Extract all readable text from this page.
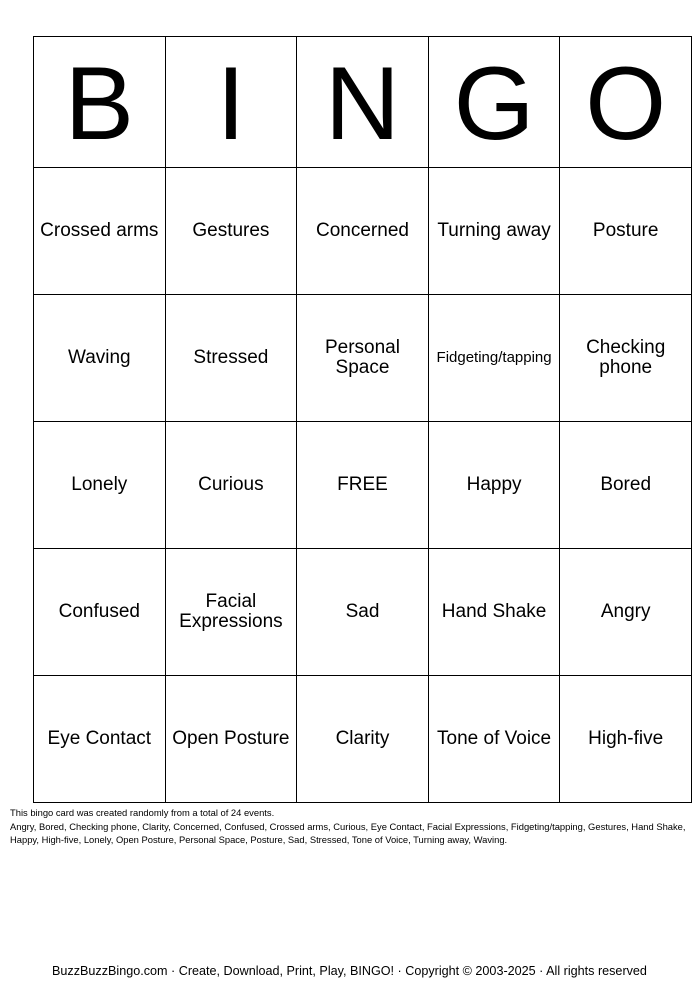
B	I	N	G	O

Crossed arms	Gestures	Concerned	Turning away	Posture

Waving	Stressed	Personal Space	Fidgeting/tapping	Checking phone

Lonely	Curious	FREE	Happy	Bored

Confused	Facial Expressions	Sad	Hand Shake	Angry

Eye Contact	Open Posture	Clarity	Tone of Voice	High-five

This bingo card was created randomly from a total of 24 events.

Angry, Bored, Checking phone, Clarity, Concerned, Confused, Crossed arms, Curious, Eye Contact, Facial Expressions, Fidgeting/tapping, Gestures, Hand Shake, Happy, High-five, Lonely, Open Posture, Personal Space, Posture, Sad, Stressed, Tone of Voice, Turning away, Waving.

BuzzBuzzBingo.com · Create, Download, Print, Play, BINGO! · Copyright © 2003-2025 · All rights reserved
